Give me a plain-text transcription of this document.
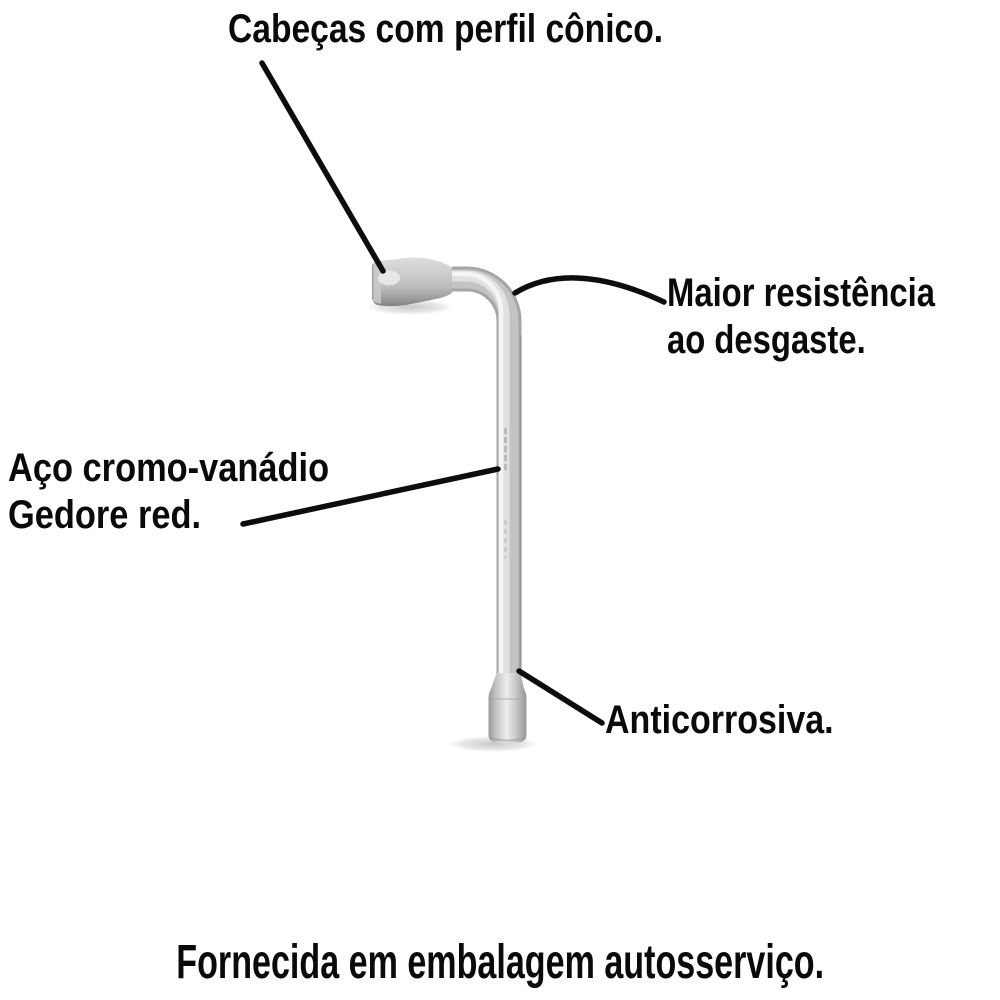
Cabeças com perfil cônico.
Maior resistência
ao desgaste.
Aço cromo-vanádio
Gedore red.
Anticorrosiva.
Fornecida em embalagem autosserviço.
